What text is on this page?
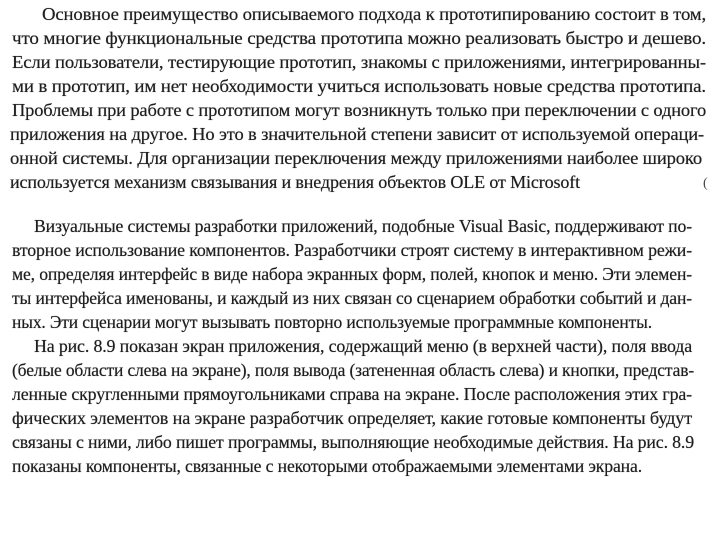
Основное преимущество описываемого подхода к прототипированию состоит в том,
что многие функциональные средства прототипа можно реализовать быстро и дешево.
Если пользователи, тестирующие прототип, знакомы с приложениями, интегрированны-
ми в прототип, им нет необходимости учиться использовать новые средства прототипа.
Проблемы при работе с прототипом могут возникнуть только при переключении с одного
приложения на другое. Но это в значительной степени зависит от используемой операци-
онной системы. Для организации переключения между приложениями наиболее широко
используется механизм связывания и внедрения объектов OLE от Microsoft	(
Визуальные системы разработки приложений, подобные Visual Basic, поддерживают по-
вторное использование компонентов. Разработчики строят систему в интерактивном режи-
ме, определяя интерфейс в виде набора экранных форм, полей, кнопок и меню. Эти элемен-
ты интерфейса именованы, и каждый из них связан со сценарием обработки событий и дан-
ных. Эти сценарии могут вызывать повторно используемые программные компоненты.
На рис. 8.9 показан экран приложения, содержащий меню (в верхней части), поля ввода
(белые области слева на экране), поля вывода (затененная область слева) и кнопки, представ-
ленные скругленными прямоугольниками справа на экране. После расположения этих гра-
фических элементов на экране разработчик определяет, какие готовые компоненты будут
связаны с ними, либо пишет программы, выполняющие необходимые действия. На рис. 8.9
показаны компоненты, связанные с некоторыми отображаемыми элементами экрана.
